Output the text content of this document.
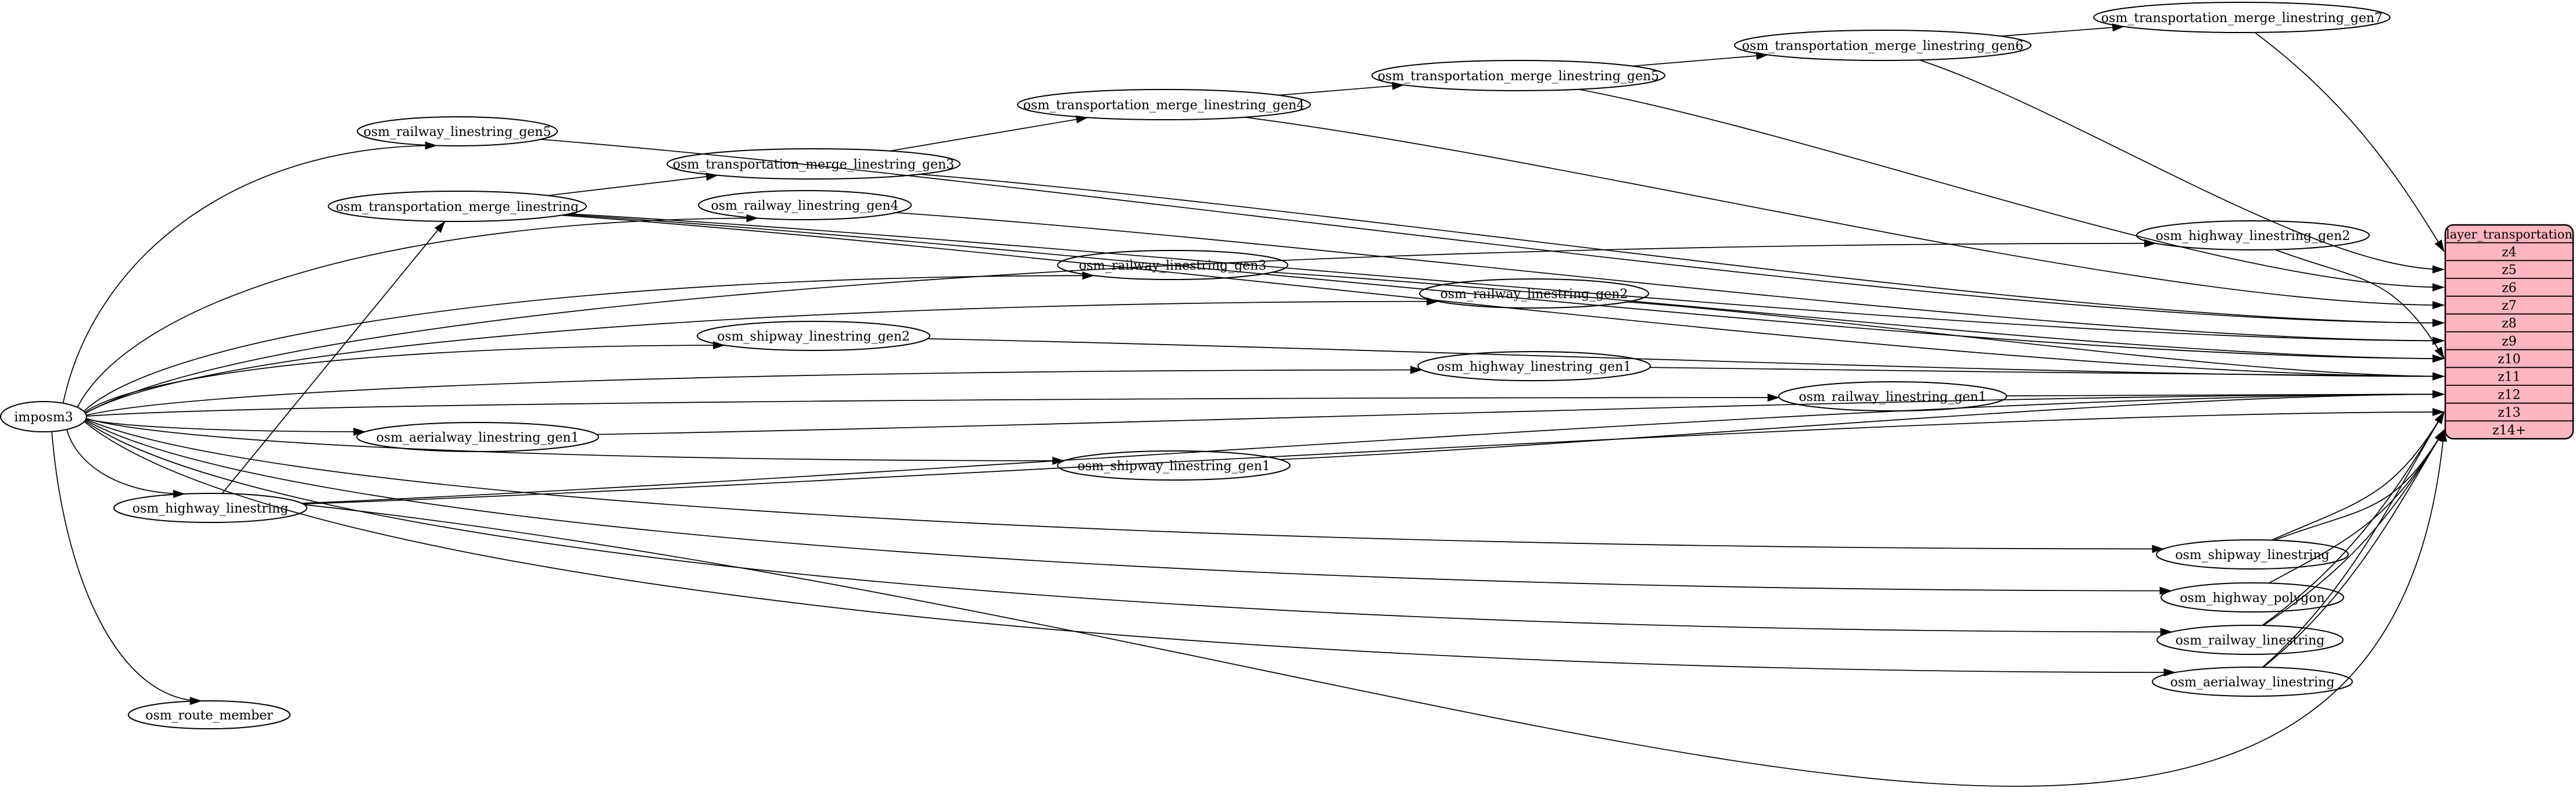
layer_transportation
z4
z5
z6
z7
z8
z9
z10
z11
z12
z13
z14+
imposm3
osm_railway_linestring_gen5
osm_transportation_merge_linestring
osm_transportation_merge_linestring_gen3
osm_railway_linestring_gen4
osm_transportation_merge_linestring_gen4
osm_transportation_merge_linestring_gen5
osm_transportation_merge_linestring_gen6
osm_transportation_merge_linestring_gen7
osm_highway_linestring_gen2
osm_railway_linestring_gen3
osm_railway_linestring_gen2
osm_shipway_linestring_gen2
osm_highway_linestring_gen1
osm_railway_linestring_gen1
osm_aerialway_linestring_gen1
osm_shipway_linestring_gen1
osm_highway_linestring
osm_shipway_linestring
osm_highway_polygon
osm_railway_linestring
osm_aerialway_linestring
osm_route_member
